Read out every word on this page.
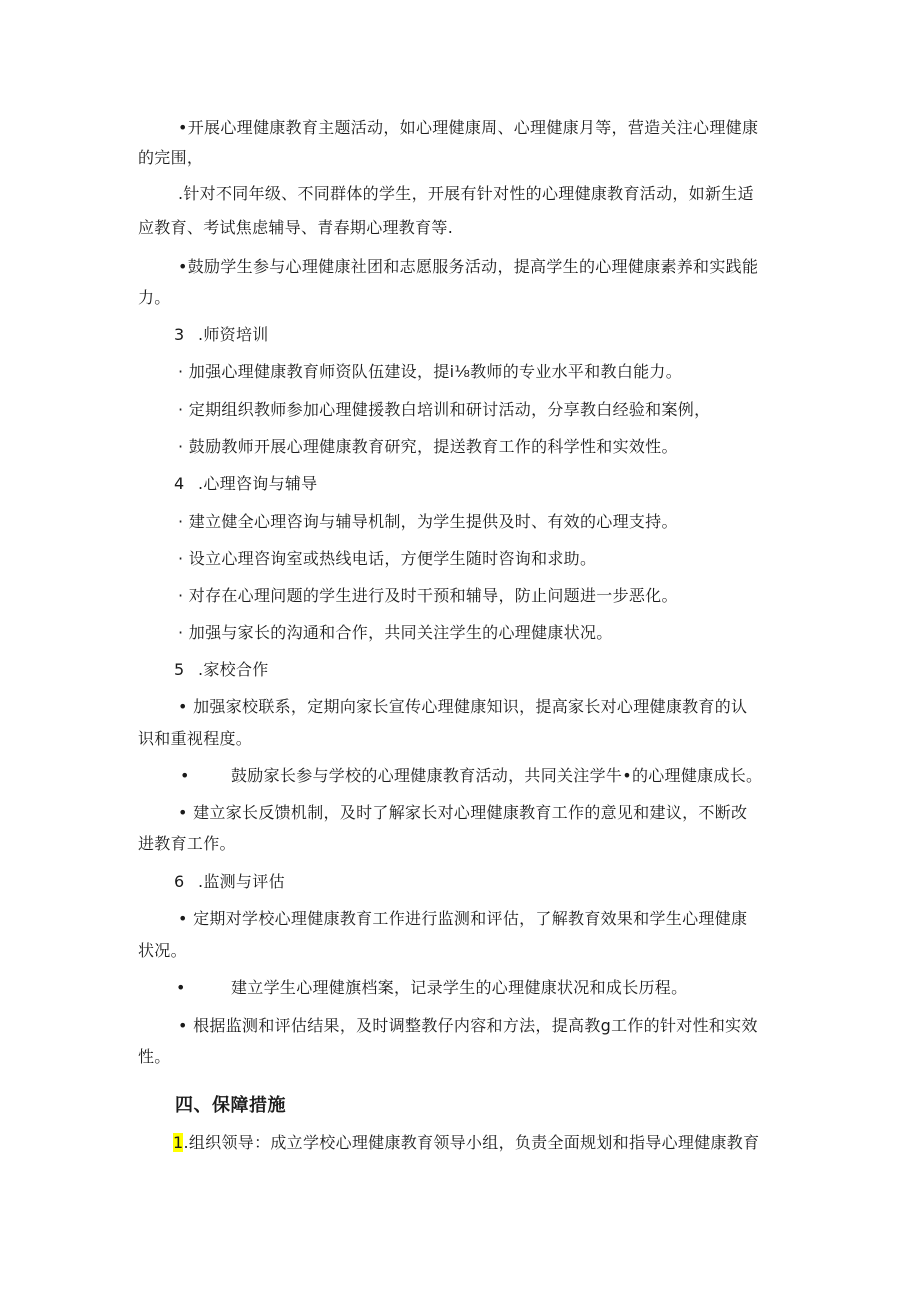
•开展心理健康教育主题活动，如心理健康周、心理健康月等，营造关注心理健康
的完围，
.针对不同年级、不同群体的学生，开展有针对性的心理健康教育活动，如新生适
应教育、考试焦虑辅导、青春期心理教育等.
•鼓励学生参与心理健康社团和志愿服务活动，提高学生的心理健康素养和实践能
力。
3 .师资培训
· 加强心理健康教育师资队伍建设，提i⅛教师的专业水平和教白能力。
· 定期组织教师参加心理健援教白培训和研讨活动，分享教白经验和案例，
· 鼓励教师开展心理健康教育研究，提送教育工作的科学性和实效性。
4 .心理咨询与辅导
· 建立健全心理咨询与辅导机制，为学生提供及时、有效的心理支持。
· 设立心理咨询室或热线电话，方便学生随时咨询和求助。
· 对存在心理问题的学生进行及时干预和辅导，防止问题进一步恶化。
· 加强与家长的沟通和合作，共同关注学生的心理健康状况。
5 .家校合作
• 加强家校联系，定期向家长宣传心理健康知识，提高家长对心理健康教育的认
识和重视程度。
•	鼓励家长参与学校的心理健康教育活动，共同关注学牛•的心理健康成长。
• 建立家长反馈机制，及时了解家长对心理健康教育工作的意见和建议，不断改
进教育工作。
6 .监测与评估
• 定期对学校心理健康教育工作进行监测和评估，了解教育效果和学生心理健康
状况。
•	建立学生心理健旗档案，记录学生的心理健康状况和成长历程。
• 根据监测和评估结果，及时调整教仔内容和方法，提高教g工作的针对性和实效
性。
四、保障措施
1.组织领导：成立学校心理健康教育领导小组，负责全面规划和指导心理健康教育
